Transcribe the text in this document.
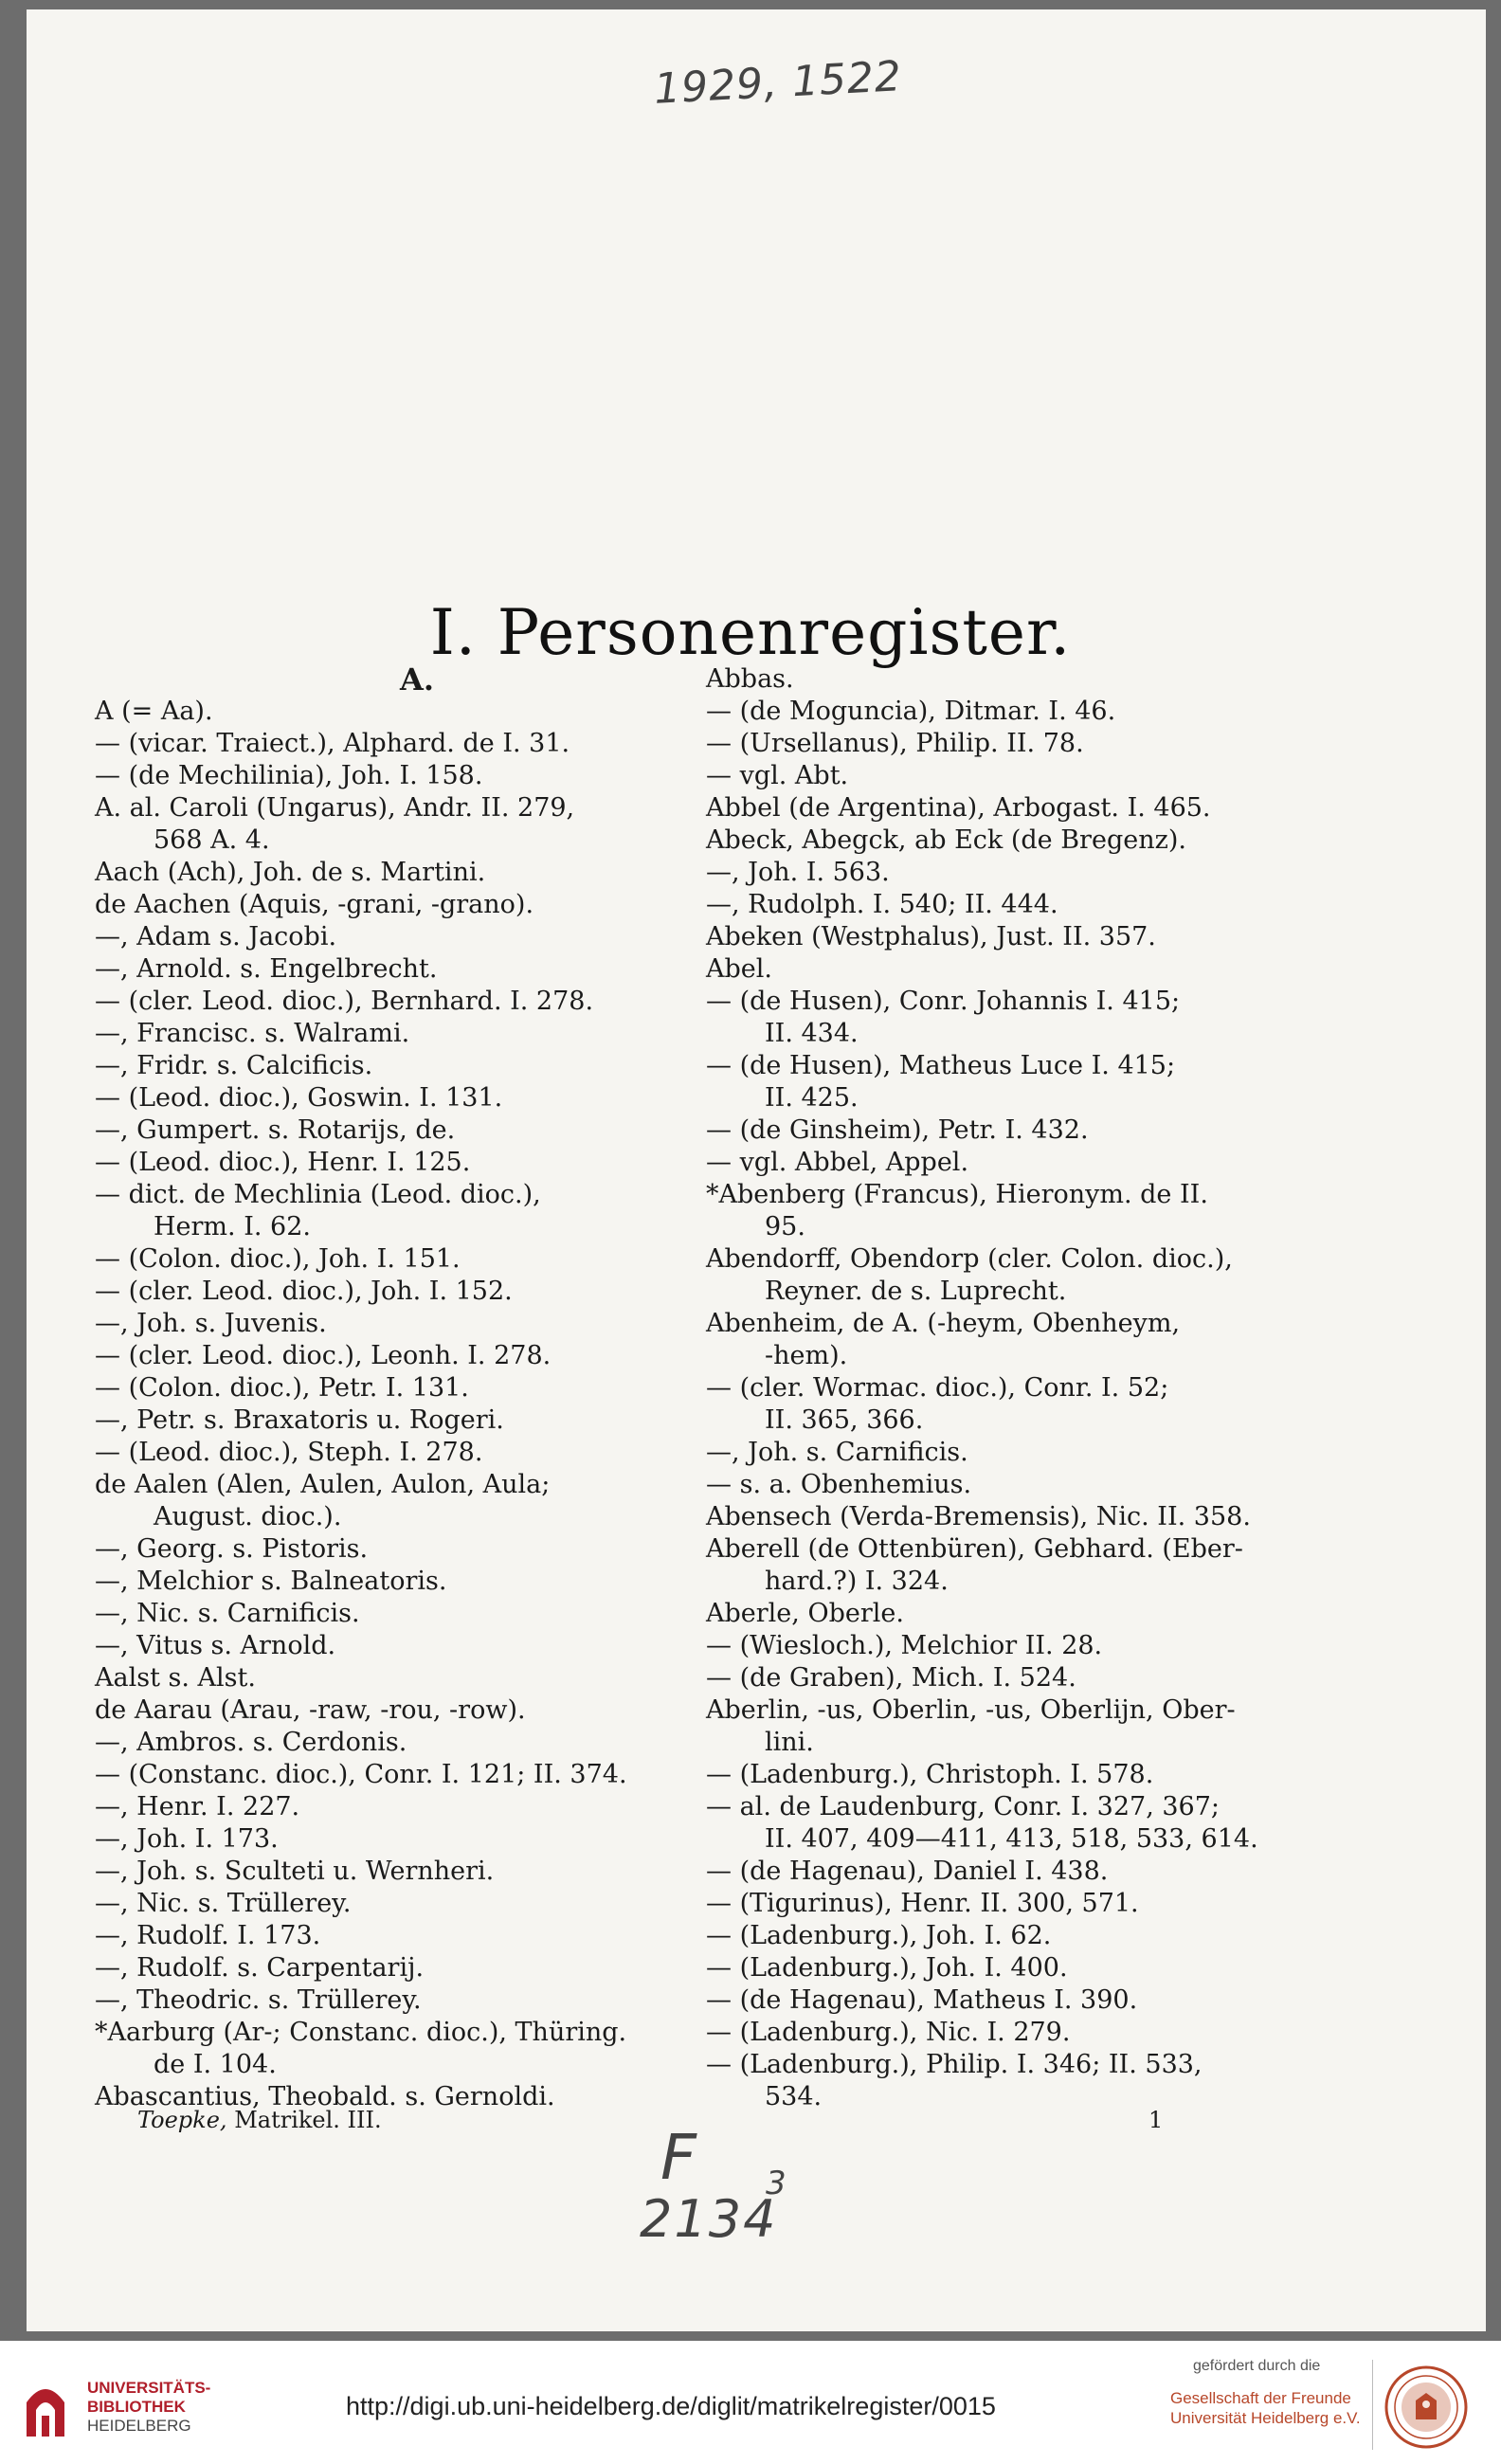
1929, 1522
I. Personenregister.
A.
A (= Aa).
— (vicar. Traiect.), Alphard. de I. 31.
— (de Mechilinia), Joh. I. 158.
A. al. Caroli (Ungarus), Andr. II. 279,
568 A. 4.
Aach (Ach), Joh. de s. Martini.
de Aachen (Aquis, -grani, -grano).
—, Adam s. Jacobi.
—, Arnold. s. Engelbrecht.
— (cler. Leod. dioc.), Bernhard. I. 278.
—, Francisc. s. Walrami.
—, Fridr. s. Calcificis.
— (Leod. dioc.), Goswin. I. 131.
—, Gumpert. s. Rotarijs, de.
— (Leod. dioc.), Henr. I. 125.
— dict. de Mechlinia (Leod. dioc.),
Herm. I. 62.
— (Colon. dioc.), Joh. I. 151.
— (cler. Leod. dioc.), Joh. I. 152.
—, Joh. s. Juvenis.
— (cler. Leod. dioc.), Leonh. I. 278.
— (Colon. dioc.), Petr. I. 131.
—, Petr. s. Braxatoris u. Rogeri.
— (Leod. dioc.), Steph. I. 278.
de Aalen (Alen, Aulen, Aulon, Aula;
August. dioc.).
—, Georg. s. Pistoris.
—, Melchior s. Balneatoris.
—, Nic. s. Carnificis.
—, Vitus s. Arnold.
Aalst s. Alst.
de Aarau (Arau, -raw, -rou, -row).
—, Ambros. s. Cerdonis.
— (Constanc. dioc.), Conr. I. 121; II. 374.
—, Henr. I. 227.
—, Joh. I. 173.
—, Joh. s. Sculteti u. Wernheri.
—, Nic. s. Trüllerey.
—, Rudolf. I. 173.
—, Rudolf. s. Carpentarij.
—, Theodric. s. Trüllerey.
*Aarburg (Ar-; Constanc. dioc.), Thüring.
de I. 104.
Abascantius, Theobald. s. Gernoldi.
Abbas.
— (de Moguncia), Ditmar. I. 46.
— (Ursellanus), Philip. II. 78.
— vgl. Abt.
Abbel (de Argentina), Arbogast. I. 465.
Abeck, Abegck, ab Eck (de Bregenz).
—, Joh. I. 563.
—, Rudolph. I. 540; II. 444.
Abeken (Westphalus), Just. II. 357.
Abel.
— (de Husen), Conr. Johannis I. 415;
II. 434.
— (de Husen), Matheus Luce I. 415;
II. 425.
— (de Ginsheim), Petr. I. 432.
— vgl. Abbel, Appel.
*Abenberg (Francus), Hieronym. de II.
95.
Abendorff, Obendorp (cler. Colon. dioc.),
Reyner. de s. Luprecht.
Abenheim, de A. (-heym, Obenheym,
-hem).
— (cler. Wormac. dioc.), Conr. I. 52;
II. 365, 366.
—, Joh. s. Carnificis.
— s. a. Obenhemius.
Abensech (Verda-Bremensis), Nic. II. 358.
Aberell (de Ottenbüren), Gebhard. (Eber-
hard.?) I. 324.
Aberle, Oberle.
— (Wiesloch.), Melchior II. 28.
— (de Graben), Mich. I. 524.
Aberlin, -us, Oberlin, -us, Oberlijn, Ober-
lini.
— (Ladenburg.), Christoph. I. 578.
— al. de Laudenburg, Conr. I. 327, 367;
II. 407, 409—411, 413, 518, 533, 614.
— (de Hagenau), Daniel I. 438.
— (Tigurinus), Henr. II. 300, 571.
— (Ladenburg.), Joh. I. 62.
— (Ladenburg.), Joh. I. 400.
— (de Hagenau), Matheus I. 390.
— (Ladenburg.), Nic. I. 279.
— (Ladenburg.), Philip. I. 346; II. 533,
534.
Toepke, Matrikel. III.	1
F
2134
3
UNIVERSITÄTS-
BIBLIOTHEK
HEIDELBERG
http://digi.ub.uni-heidelberg.de/diglit/matrikelregister/0015
gefördert durch die
Gesellschaft der Freunde
Universität Heidelberg e.V.
